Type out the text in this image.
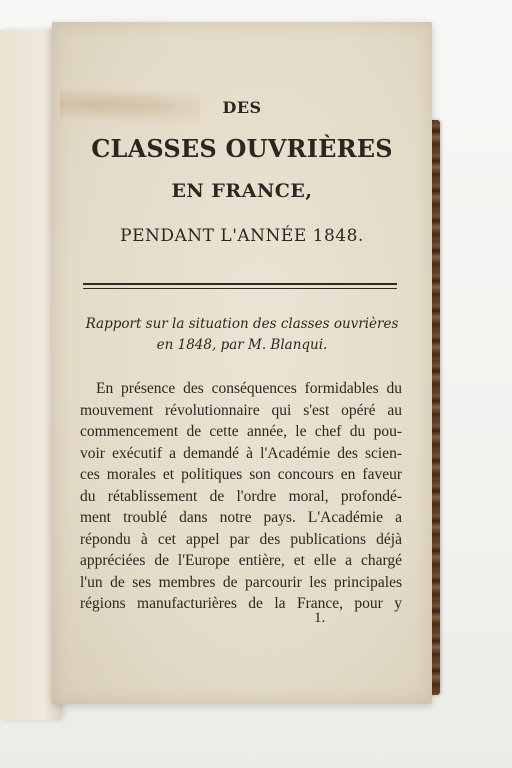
DES
CLASSES OUVRIÈRES
EN FRANCE,
PENDANT L'ANNÉE 1848.
Rapport sur la situation des classes ouvrières
en 1848, par M. Blanqui.
En présence des conséquences formidables du
mouvement révolutionnaire qui s'est opéré au
commencement de cette année, le chef du pou-
voir exécutif a demandé à l'Académie des scien-
ces morales et politiques son concours en faveur
du rétablissement de l'ordre moral, profondé-
ment troublé dans notre pays. L'Académie a
répondu à cet appel par des publications déjà
appréciées de l'Europe entière, et elle a chargé
l'un de ses membres de parcourir les principales
régions manufacturières de la France, pour y
1.
